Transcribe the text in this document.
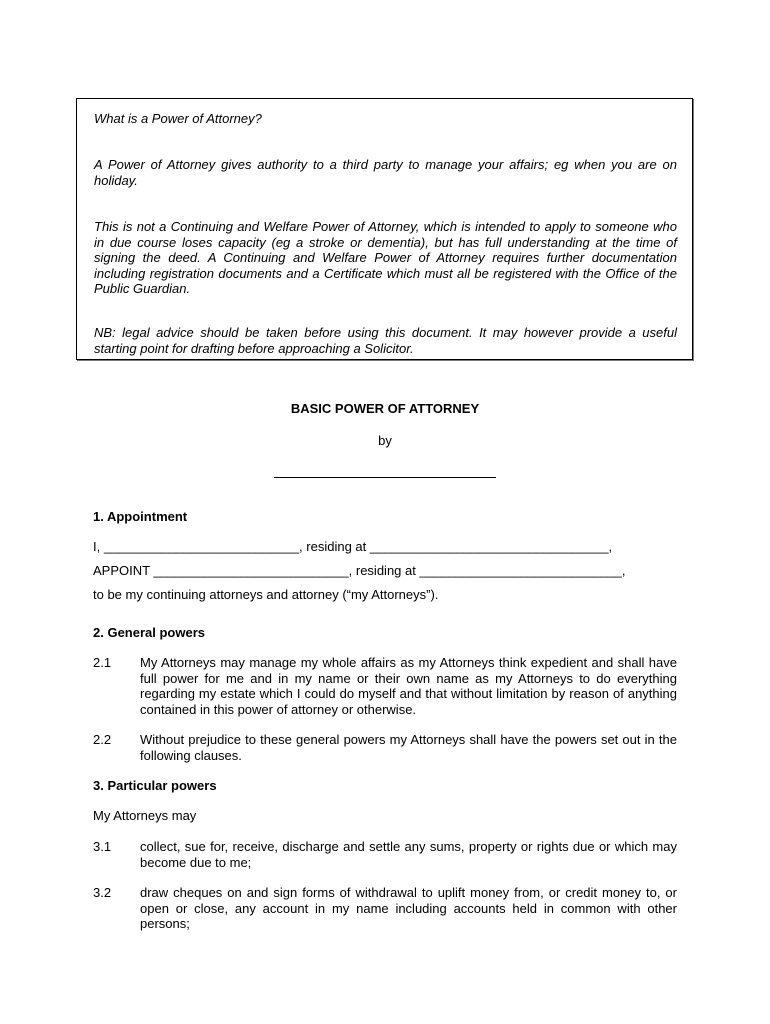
What is a Power of Attorney?

A Power of Attorney gives authority to a third party to manage your affairs; eg when you are on holiday.

This is not a Continuing and Welfare Power of Attorney, which is intended to apply to someone who in due course loses capacity (eg a stroke or dementia), but has full understanding at the time of signing the deed. A Continuing and Welfare Power of Attorney requires further documentation including registration documents and a Certificate which must all be registered with the Office of the Public Guardian.

NB: legal advice should be taken before using this document. It may however provide a useful starting point for drafting before approaching a Solicitor.

BASIC POWER OF ATTORNEY
by
1. Appointment
I, ___________________________, residing at _________________________________,
APPOINT ___________________________, residing at ____________________________,
to be my continuing attorneys and attorney (“my Attorneys”).
2. General powers
2.1 My Attorneys may manage my whole affairs as my Attorneys think expedient and shall have full power for me and in my name or their own name as my Attorneys to do everything regarding my estate which I could do myself and that without limitation by reason of anything contained in this power of attorney or otherwise.
2.2 Without prejudice to these general powers my Attorneys shall have the powers set out in the following clauses.
3. Particular powers
My Attorneys may
3.1 collect, sue for, receive, discharge and settle any sums, property or rights due or which may become due to me;
3.2 draw cheques on and sign forms of withdrawal to uplift money from, or credit money to, or open or close, any account in my name including accounts held in common with other persons;
